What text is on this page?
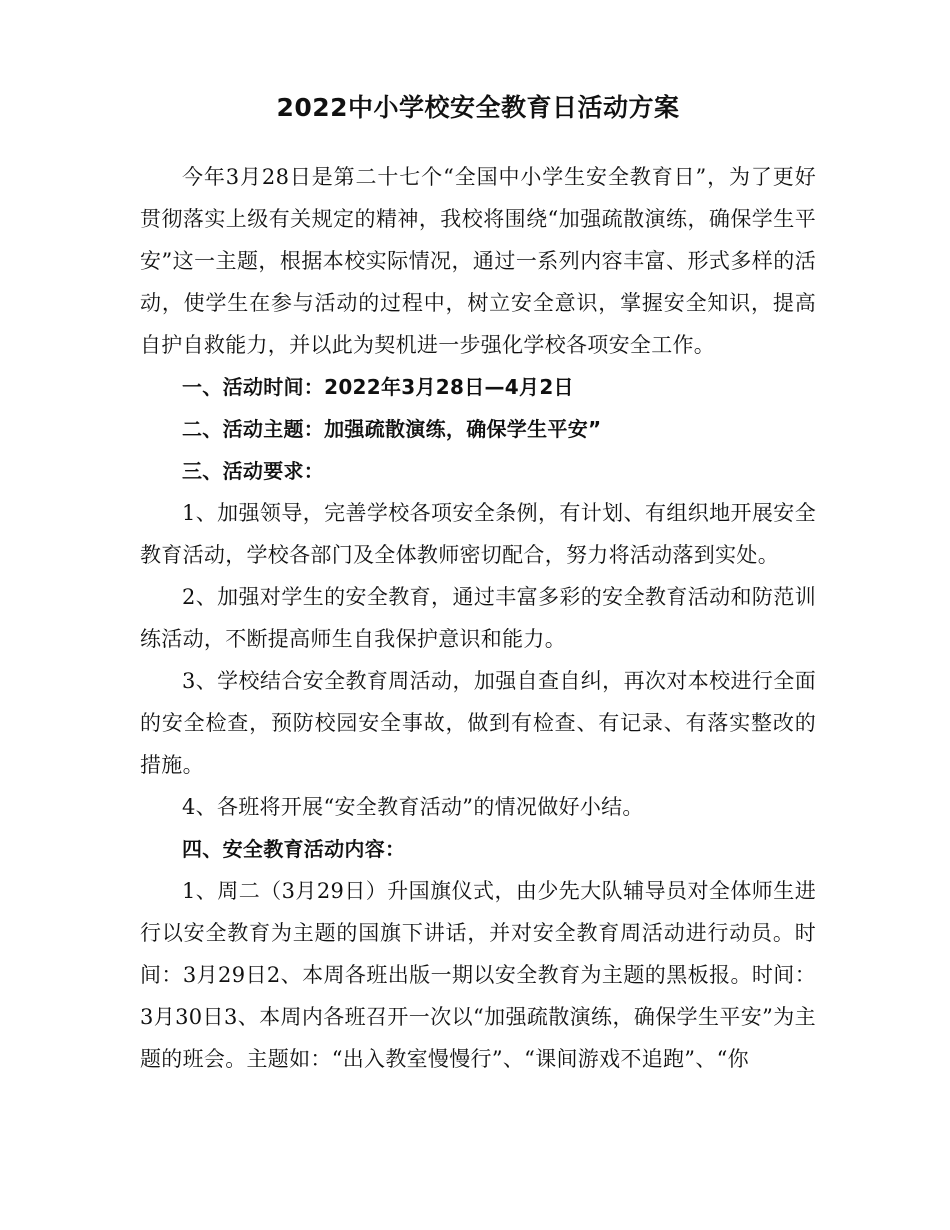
2022中小学校安全教育日活动方案

今年3月28日是第二十七个“全国中小学生安全教育日”，为了更好贯彻落实上级有关规定的精神，我校将围绕“加强疏散演练，确保学生平安”这一主题，根据本校实际情况，通过一系列内容丰富、形式多样的活动，使学生在参与活动的过程中，树立安全意识，掌握安全知识，提高自护自救能力，并以此为契机进一步强化学校各项安全工作。

一、活动时间：2022年3月28日—4月2日

二、活动主题：加强疏散演练，确保学生平安”

三、活动要求：

1、加强领导，完善学校各项安全条例，有计划、有组织地开展安全教育活动，学校各部门及全体教师密切配合，努力将活动落到实处。

2、加强对学生的安全教育，通过丰富多彩的安全教育活动和防范训练活动，不断提高师生自我保护意识和能力。

3、学校结合安全教育周活动，加强自查自纠，再次对本校进行全面的安全检查，预防校园安全事故，做到有检查、有记录、有落实整改的措施。

4、各班将开展“安全教育活动”的情况做好小结。

四、安全教育活动内容：

1、周二（3月29日）升国旗仪式，由少先大队辅导员对全体师生进行以安全教育为主题的国旗下讲话，并对安全教育周活动进行动员。时间：3月29日2、本周各班出版一期以安全教育为主题的黑板报。时间：3月30日3、本周内各班召开一次以“加强疏散演练，确保学生平安”为主题的班会。主题如：“出入教室慢慢行”、“课间游戏不追跑”、“你
